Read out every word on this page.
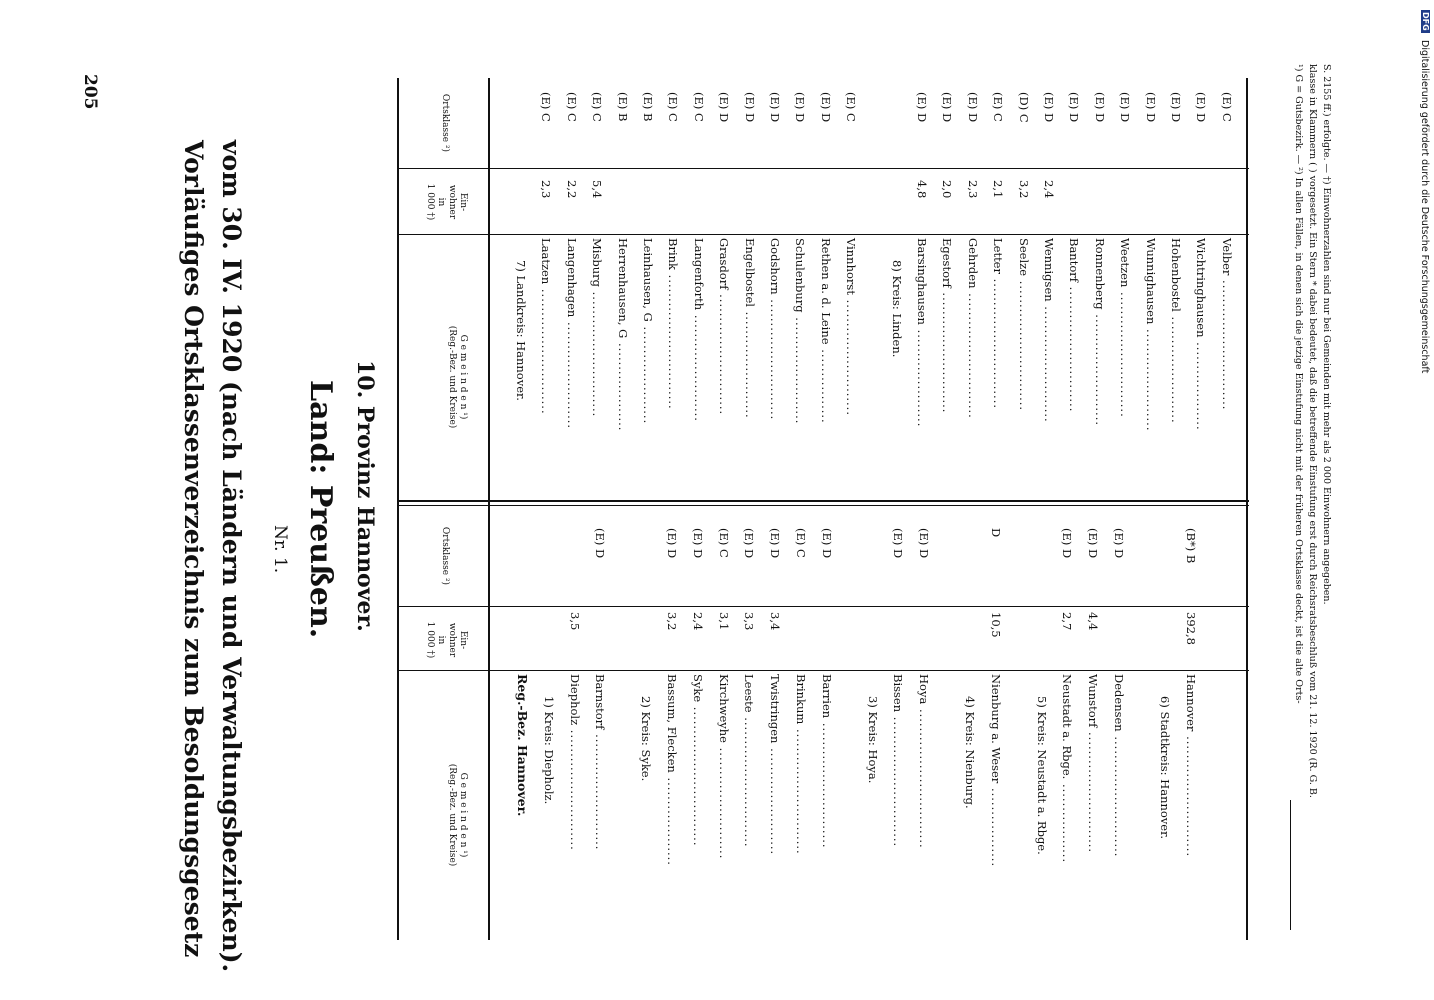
205
Vorläufiges Ortsklassenverzeichnis zum Besoldungsgesetz vom 30. IV. 1920 (nach Ländern und Verwaltungsbezirken). Nr. 1. Land: Preußen. 10. Provinz Hannover.
G e m e i n d e n ¹)
(Reg.-Bez. und Kreise)
Ein-
wohner
in
1 000 †)
Ortsklasse ²)
G e m e i n d e n ¹)
(Reg.-Bez. und Kreise)
Ein-
wohner
in
1 000 †)
Ortsklasse ²)
Reg.-Bez. Hannover. 1) Kreis: Diepholz. Diepholz ..........................
3,5
Barnstorf .........................
(E) D
2) Kreis: Syke. Bassum, Flecken ...................
3,2
(E) D
Syke ..............................
2,4
(E) D
Kirchweyhe ........................
3,1
(E) C
Leeste ............................
3,3
(E) D
Twistringen .......................
3,4
(E) D
Brinkum ...........................
(E) C
Barrien ...........................
(E) D
3) Kreis: Hoya.
Bissen ............................
(E) D
Hoya ..............................
(E) D
4) Kreis: Nienburg. Nienburg a. Weser .................
10,5
D
5) Kreis: Neustadt a. Rbge. Neustadt a. Rbge. .................
2,7
(E) D
Wunstorf ..........................
4,4
(E) D
Dedensen ..........................
(E) D
6) Stadtkreis: Hannover. Hannover ..........................
392,8
(B*) B
7) Landkreis: Hannover. Laatzen ...........................
2,3
(E) C
Langenhagen .......................
2,2
(E) C
Misburg ...........................
5,4
(E) C
Herrenhausen, G ...................
(E) B
Leinhausen, G .....................
(E) B
Brink .............................
(E) C
Langenforth .......................
(E) C
Grasdorf ..........................
(E) D
Engelbostel .......................
(E) D
Godshorn ..........................
(E) D
Schulenburg .......................
(E) D
Rethen a. d. Leine ................
(E) D
Vinnhorst .........................
(E) C
8) Kreis: Linden. Barsinghausen .....................
4,8
(E) D
Egestorf ..........................
2,0
(E) D
Gehrden ...........................
2,3
(E) D
Letter ............................
2,1
(E) C
Seelze ............................
3,2
(D) C
Wennigsen .........................
2,4
(E) D
Bantorf ...........................
(E) D
Ronnenberg ........................
(E) D
Weetzen ...........................
(E) D
Wunnighausen ......................
(E) D
Hohenbostel .......................
(E) D
Wichtringhausen ...................
(E) D
Velber ............................
(E) C	¹) G = Gutsbezirk. — ²) In allen Fällen, in denen sich die jetzige Einstufung nicht mit der früheren Ortsklasse deckt, ist die alte Orts- klasse in Klammern ( ) vorgesetzt. Ein Stern * dabei bedeutet, daß die betreffende Einstufung erst durch Reichsratsbeschluß vom 21. 12. 1920 (R. G. B. S. 2155 ff.) erfolgte. — †) Einwohnerzahlen sind nur bei Gemeinden mit mehr als 2 000 Einwohnern angegeben.	Digitalisierung gefördert durch die Deutsche Forschungsgemeinschaft
DFG
